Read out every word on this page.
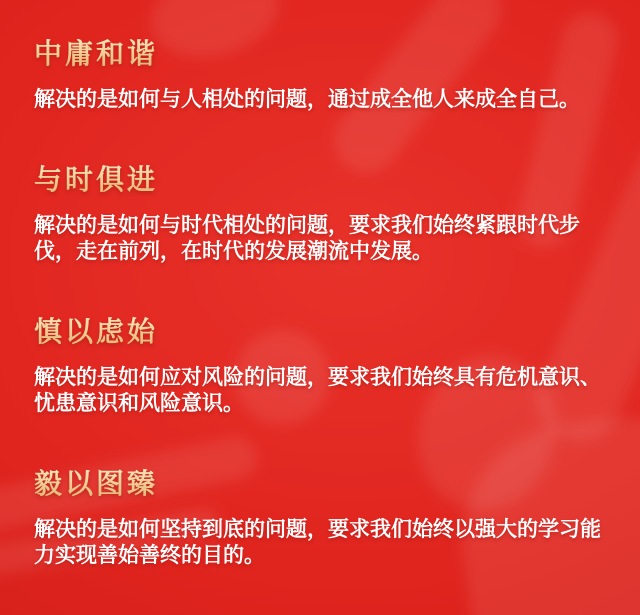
中庸和谐

解决的是如何与人相处的问题，通过成全他人来成全自己。

与时俱进

解决的是如何与时代相处的问题，要求我们始终紧跟时代步伐，走在前列，在时代的发展潮流中发展。

慎以虑始

解决的是如何应对风险的问题，要求我们始终具有危机意识、忧患意识和风险意识。

毅以图臻

解决的是如何坚持到底的问题，要求我们始终以强大的学习能力实现善始善终的目的。
